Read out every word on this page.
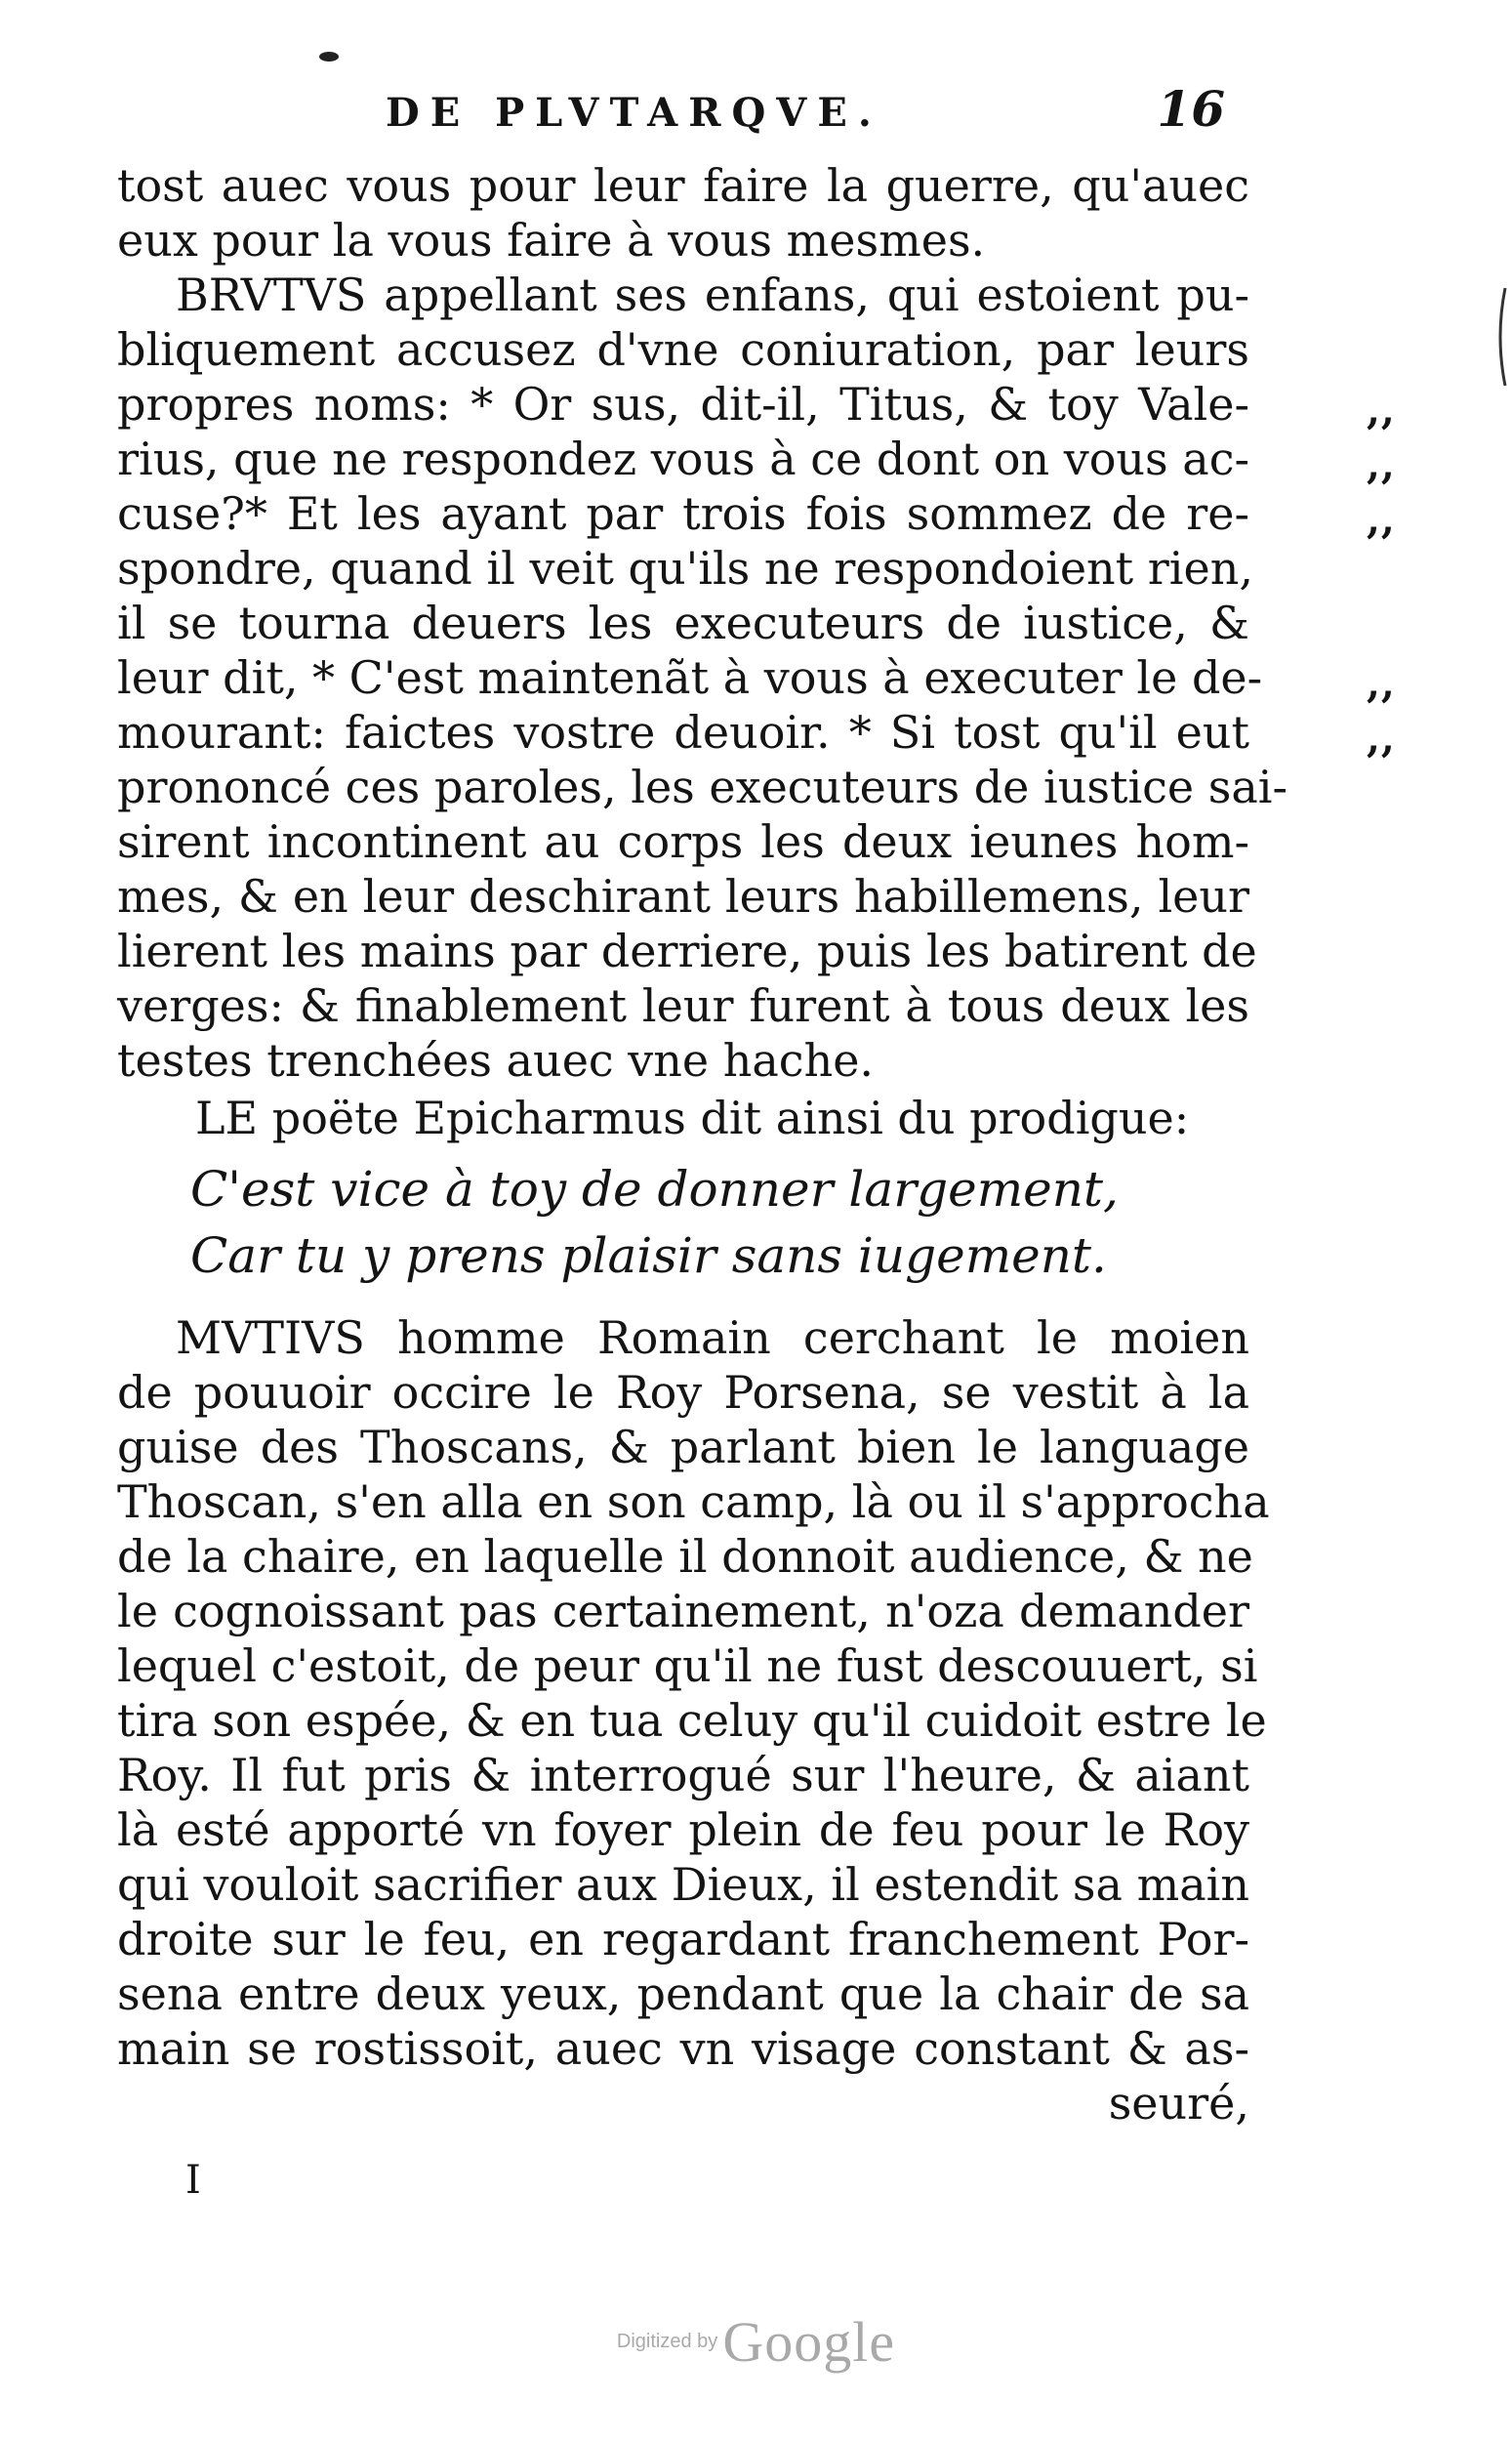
DE PLVTARQVE.	16
tost auec vous pour leur faire la guerre, qu'auec
eux pour la vous faire à vous mesmes.
BRVTVS appellant ses enfans, qui estoient pu-
bliquement accusez d'vne coniuration, par leurs
propres noms: * Or sus, dit-il, Titus, & toy Vale-
rius, que ne respondez vous à ce dont on vous ac-
cuse?* Et les ayant par trois fois sommez de re-
spondre, quand il veit qu'ils ne respondoient rien,
il se tourna deuers les executeurs de iustice, &
leur dit, * C'est maintenãt à vous à executer le de-
mourant: faictes vostre deuoir. * Si tost qu'il eut
prononcé ces paroles, les executeurs de iustice sai-
sirent incontinent au corps les deux ieunes hom-
mes, & en leur deschirant leurs habillemens, leur
lierent les mains par derriere, puis les batirent de
verges: & finablement leur furent à tous deux les
testes trenchées auec vne hache.
LE poëte Epicharmus dit ainsi du prodigue:
C'est vice à toy de donner largement,
Car tu y prens plaisir sans iugement.
MVTIVS homme Romain cerchant le moien
de pouuoir occire le Roy Porsena, se vestit à la
guise des Thoscans, & parlant bien le language
Thoscan, s'en alla en son camp, là ou il s'approcha
de la chaire, en laquelle il donnoit audience, & ne
le cognoissant pas certainement, n'oza demander
lequel c'estoit, de peur qu'il ne fust descouuert, si
tira son espée, & en tua celuy qu'il cuidoit estre le
Roy. Il fut pris & interrogué sur l'heure, & aiant
là esté apporté vn foyer plein de feu pour le Roy
qui vouloit sacrifier aux Dieux, il estendit sa main
droite sur le feu, en regardant franchement Por-
sena entre deux yeux, pendant que la chair de sa
main se rostissoit, auec vn visage constant & as-
seuré,
,,
,,
,,
,,
,,
I
Digitized by Google
